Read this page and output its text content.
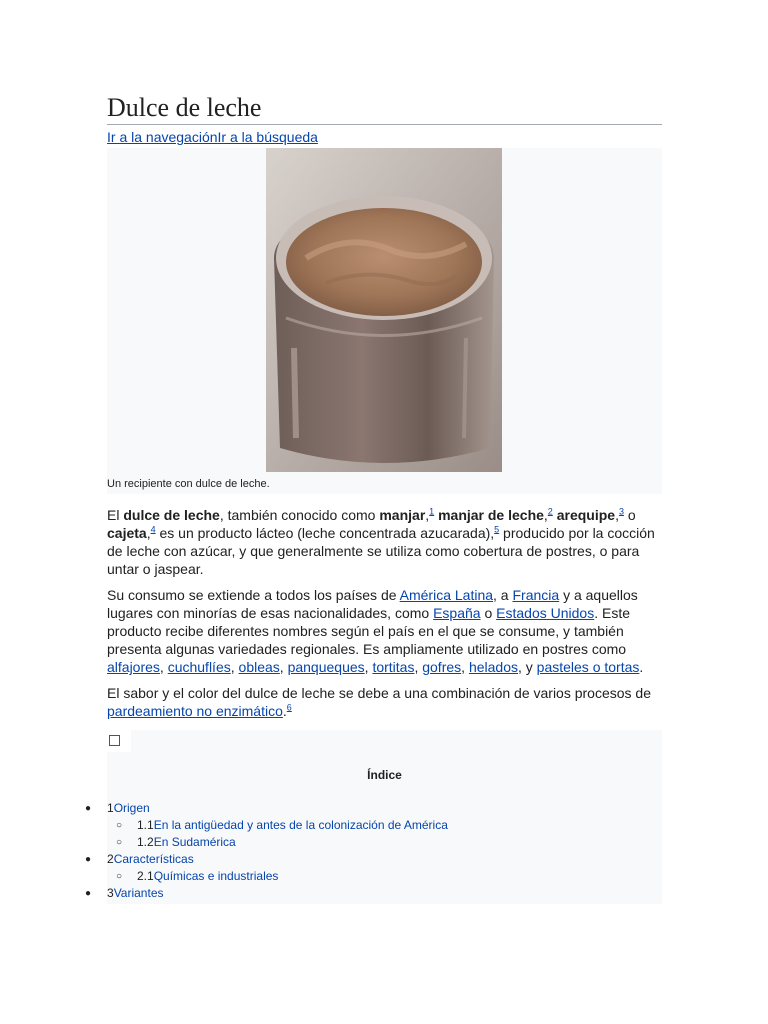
Dulce de leche
Ir a la navegaciónIr a la búsqueda
Un recipiente con dulce de leche.

El dulce de leche, también conocido como manjar,$^1$ manjar de leche,$^2$ arequipe,$^3$ o cajeta,$^4$ es un producto lácteo (leche concentrada azucarada),$^5$ producido por la cocción de leche con azúcar, y que generalmente se utiliza como cobertura de postres, o para untar o jaspear.

Su consumo se extiende a todos los países de América Latina, a Francia y a aquellos lugares con minorías de esas nacionalidades, como España o Estados Unidos. Este producto recibe diferentes nombres según el país en el que se consume, y también presenta algunas variedades regionales. Es ampliamente utilizado en postres como alfajores, cuchuflíes, obleas, panqueques, tortitas, gofres, helados, y pasteles o tortas.

El sabor y el color del dulce de leche se debe a una combinación de varios procesos de pardeamiento no enzimático.$^6$

Índice
● 1Origen
○ 1.1En la antigüedad y antes de la colonización de América
○ 1.2En Sudamérica
● 2Características
○ 2.1Químicas e industriales
● 3Variantes
